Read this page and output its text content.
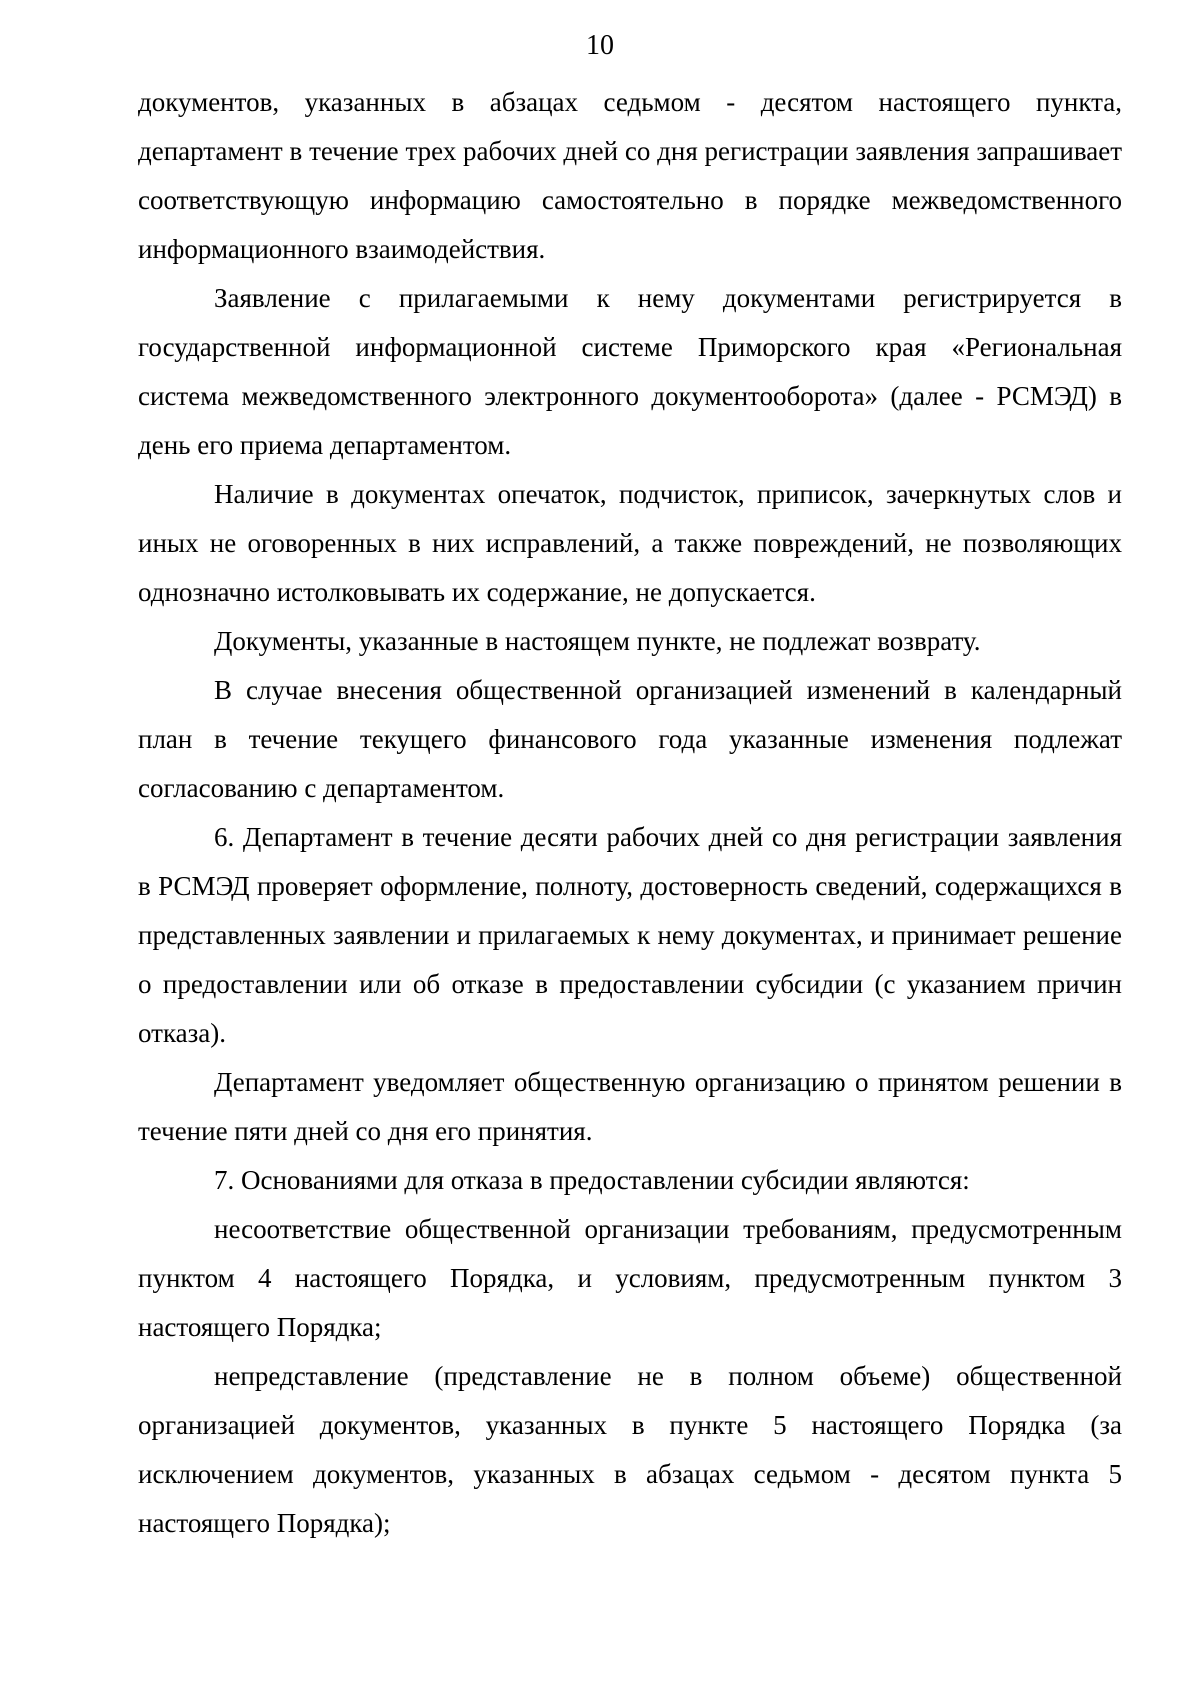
10

документов, указанных в абзацах седьмом - десятом настоящего пункта, департамент в течение трех рабочих дней со дня регистрации заявления запрашивает соответствующую информацию самостоятельно в порядке межведомственного информационного взаимодействия.

Заявление с прилагаемыми к нему документами регистрируется в государственной информационной системе Приморского края «Региональная система межведомственного электронного документооборота» (далее - РСМЭД) в день его приема департаментом.

Наличие в документах опечаток, подчисток, приписок, зачеркнутых слов и иных не оговоренных в них исправлений, а также повреждений, не позволяющих однозначно истолковывать их содержание, не допускается.

Документы, указанные в настоящем пункте, не подлежат возврату.

В случае внесения общественной организацией изменений в календарный план в течение текущего финансового года указанные изменения подлежат согласованию с департаментом.

6. Департамент в течение десяти рабочих дней со дня регистрации заявления в РСМЭД проверяет оформление, полноту, достоверность сведений, содержащихся в представленных заявлении и прилагаемых к нему документах, и принимает решение о предоставлении или об отказе в предоставлении субсидии (с указанием причин отказа).

Департамент уведомляет общественную организацию о принятом решении в течение пяти дней со дня его принятия.

7. Основаниями для отказа в предоставлении субсидии являются:

несоответствие общественной организации требованиям, предусмотренным пунктом 4 настоящего Порядка, и условиям, предусмотренным пунктом 3 настоящего Порядка;

непредставление (представление не в полном объеме) общественной организацией документов, указанных в пункте 5 настоящего Порядка (за исключением документов, указанных в абзацах седьмом - десятом пункта 5 настоящего Порядка);
